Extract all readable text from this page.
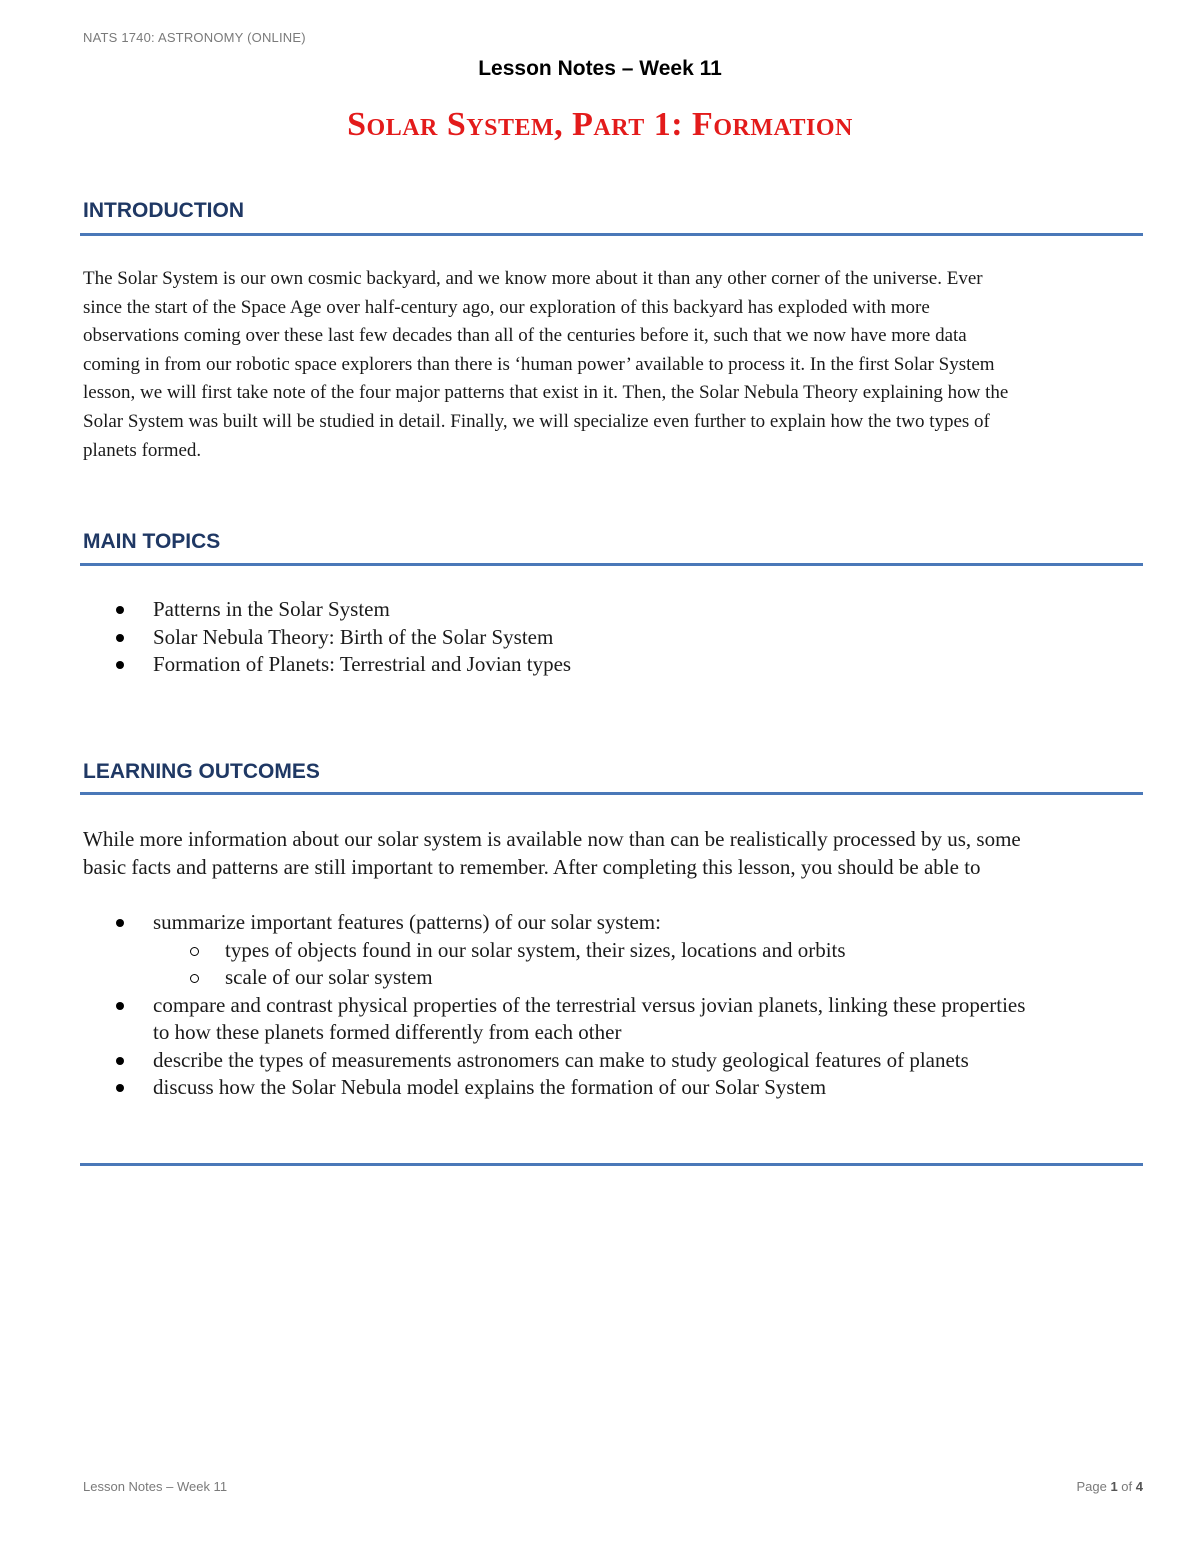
NATS 1740: ASTRONOMY (ONLINE)
Lesson Notes – Week 11
Solar System, Part 1: Formation
INTRODUCTION
The Solar System is our own cosmic backyard, and we know more about it than any other corner of the universe. Ever
since the start of the Space Age over half-century ago, our exploration of this backyard has exploded with more
observations coming over these last few decades than all of the centuries before it, such that we now have more data
coming in from our robotic space explorers than there is ‘human power’ available to process it. In the first Solar System
lesson, we will first take note of the four major patterns that exist in it. Then, the Solar Nebula Theory explaining how the
Solar System was built will be studied in detail. Finally, we will specialize even further to explain how the two types of
planets formed.
MAIN TOPICS
Patterns in the Solar System
Solar Nebula Theory: Birth of the Solar System
Formation of Planets: Terrestrial and Jovian types
LEARNING OUTCOMES
While more information about our solar system is available now than can be realistically processed by us, some
basic facts and patterns are still important to remember. After completing this lesson, you should be able to
summarize important features (patterns) of our solar system:
types of objects found in our solar system, their sizes, locations and orbits
scale of our solar system
compare and contrast physical properties of the terrestrial versus jovian planets, linking these properties
to how these planets formed differently from each other
describe the types of measurements astronomers can make to study geological features of planets
discuss how the Solar Nebula model explains the formation of our Solar System
Lesson Notes – Week 11	Page 1 of 4
